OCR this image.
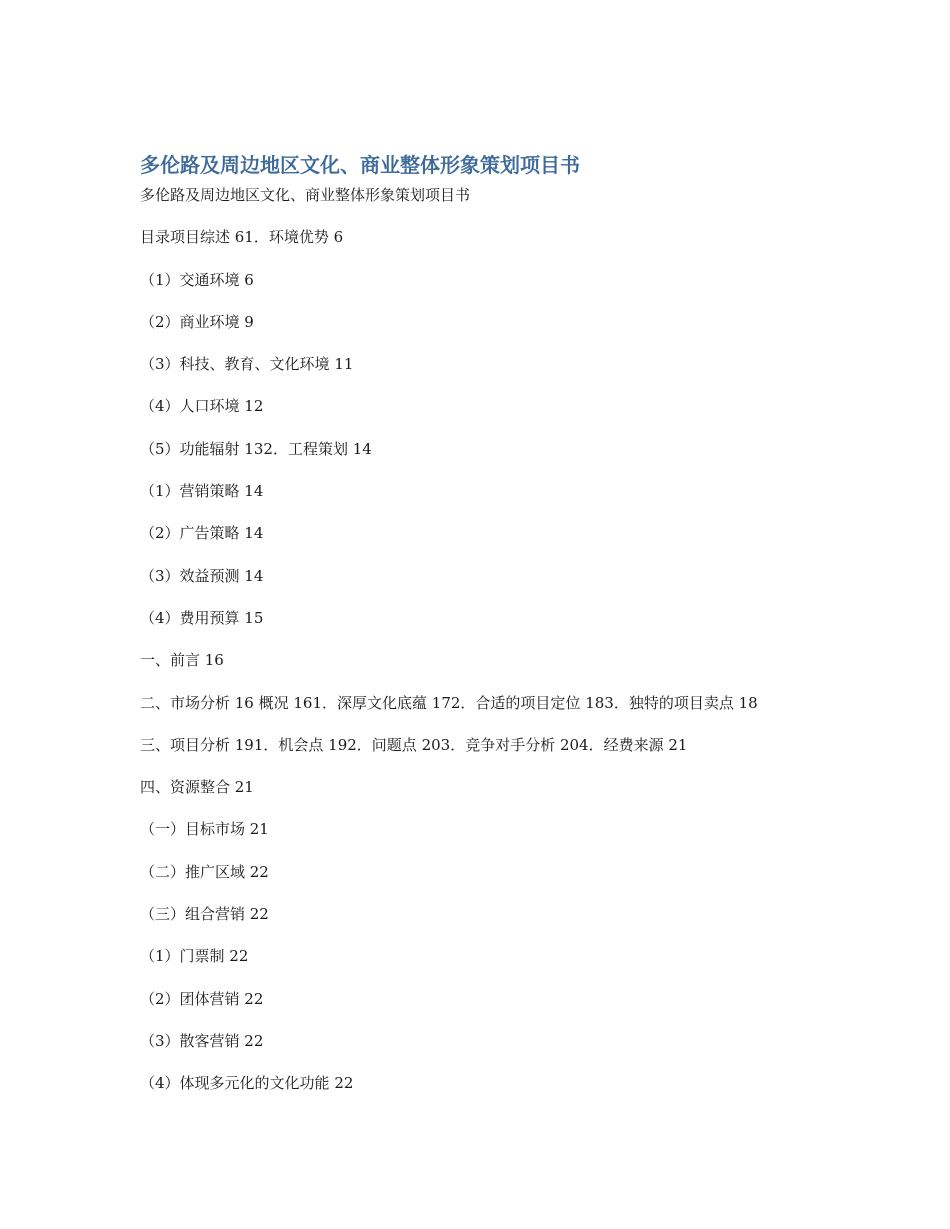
多伦路及周边地区文化、商业整体形象策划项目书
多伦路及周边地区文化、商业整体形象策划项目书
目录项目综述 61．环境优势 6
（1）交通环境 6
（2）商业环境 9
（3）科技、教育、文化环境 11
（4）人口环境 12
（5）功能辐射 132．工程策划 14
（1）营销策略 14
（2）广告策略 14
（3）效益预测 14
（4）费用预算 15
一、前言 16
二、市场分析 16 概况 161．深厚文化底蕴 172．合适的项目定位 183．独特的项目卖点 18
三、项目分析 191．机会点 192．问题点 203．竞争对手分析 204．经费来源 21
四、资源整合 21
（一）目标市场 21
（二）推广区域 22
（三）组合营销 22
（1）门票制 22
（2）团体营销 22
（3）散客营销 22
（4）体现多元化的文化功能 22
